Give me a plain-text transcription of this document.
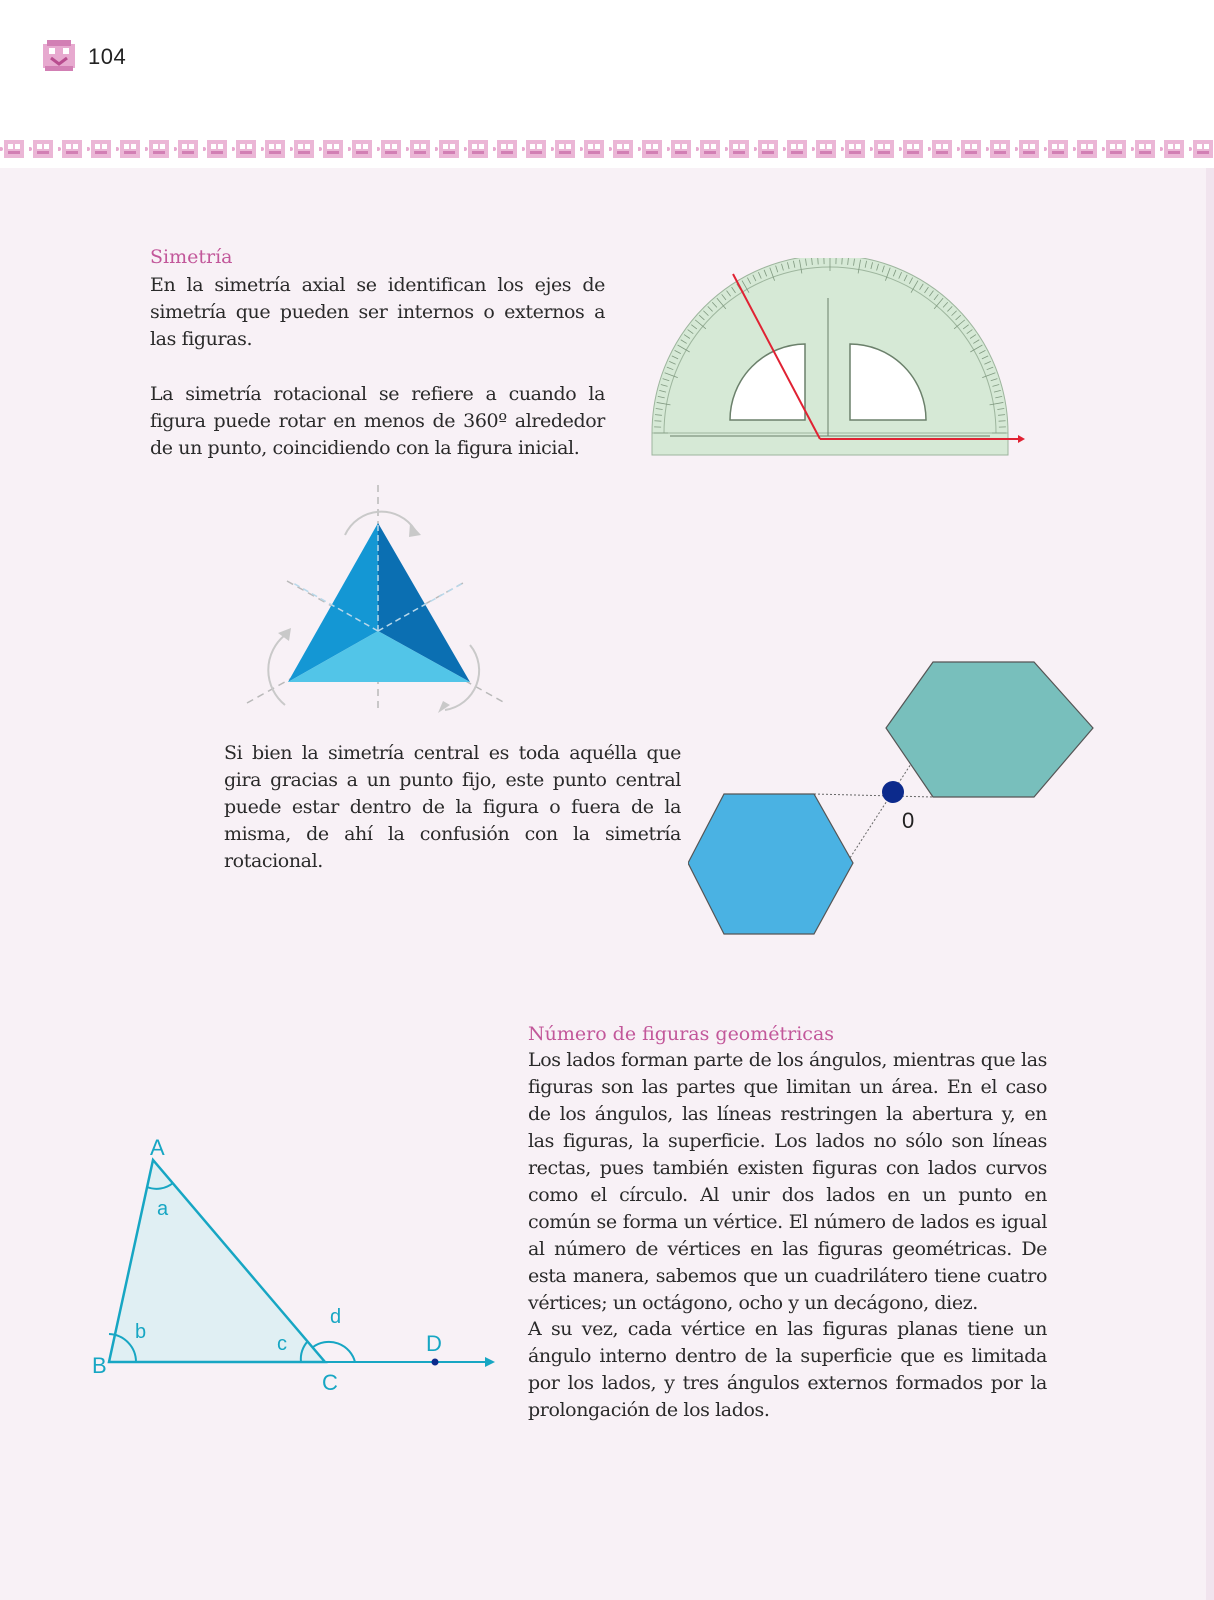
104
Simetría

En la simetría axial se identifican los ejes de simetría que pueden ser internos o externos a las figuras.

La simetría rotacional se refiere a cuando la figura puede rotar en menos de 360º alrededor de un punto, coincidiendo con la figura inicial.

Si bien la simetría central es toda aquélla que gira gracias a un punto fijo, este punto central puede estar dentro de la figura o fuera de la misma, de ahí la confusión con la simetría rotacional.

0
Número de figuras geométricas

Los lados forman parte de los ángulos, mientras que las figuras son las partes que limitan un área. En el caso de los ángulos, las líneas restringen la abertura y, en las figuras, la superficie. Los lados no sólo son líneas rectas, pues también existen figuras con lados curvos como el círculo. Al unir dos lados en un punto en común se forma un vértice. El número de lados es igual al número de vértices en las figuras geométricas. De esta manera, sabemos que un cuadrilátero tiene cuatro vértices; un octágono, ocho y un decágono, diez.

A su vez, cada vértice en las figuras planas tiene un ángulo interno dentro de la superficie que es limitada por los lados, y tres ángulos externos formados por la prolongación de los lados.

A
B
C
D
a
b
c
d
